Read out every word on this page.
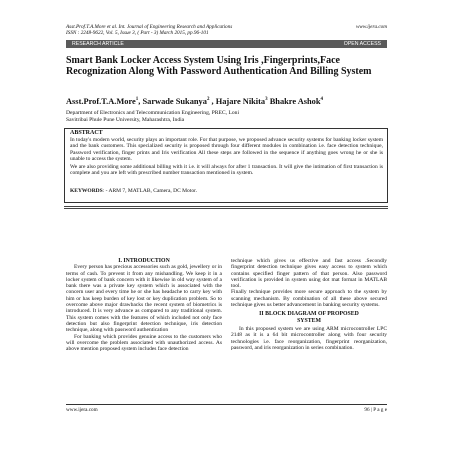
Asst.Prof.T.A.More et al. Int. Journal of Engineering Research and Applications	www.ijera.com
ISSN : 2248-9622, Vol. 5, Issue 3, ( Part - 3) March 2015, pp.96-101
RESEARCH ARTICLE	OPEN ACCESS
Smart Bank Locker Access System Using Iris ,Fingerprints,Face Recognization Along With Password Authentication And Billing System
Asst.Prof.T.A.More$^1$, Sarwade Sukanya$^2$ , Hajare Nikita$^3$ Bhakre Ashok$^4$
Department of Electronics and Telecommunication Engineering, PREC, Loni
Savitribai Phule Pune University, Maharashtra, India
ABSTRACT

In today's modern world, security plays an important role. For that purpose, we proposed advance security systems for banking locker system and the bank customers. This specialized security is proposed through four different modules in combination i.e. face detection technique, Password verification, finger prints and Iris verification All these steps are followed in the sequence if anything goes wrong he or she is unable to access the system.

We are also providing some additional billing with it i.e. it will always for after 1 transaction. It will give the intimation of first transaction is complete and you are left with prescribed number transaction mentioned in system.

KEYWORDS: - ARM 7, MATLAB, Camera, DC Motor.
I. INTRODUCTION

Every person has precious accessories such as gold, jewellery or in terms of cash. To prevent it from any mishandling. We keep it in a locker system of bank concern with it likewise in old way system of a bank there was a private key system which is associated with the concern user and every time he or she has headache to carry key with him or has keep burden of key lost or key duplication problem. So to overcome above major drawbacks the recent system of biometrics is introduced. It is very advance as compared to any traditional system. This system comes with the features of which included not only face detection but also fingerprint detection technique, iris detection technique, along with password authentication

For banking which provides genuine access to the customers who will overcome the problem associated with unauthorized access. As above mention proposed system includes face detection

technique which gives us effective and fast access .Secondly fingerprint detection technique gives easy access to system which contains specified finger pattern of that person. Also password verification is provided in system using dot mat format in MATLAB tool.

Finally technique provides more secure approach to the system by scanning mechanism. By combination of all these above secured technique gives us better advancement in banking security systems.

II BLOCK DIAGRAM OF PROPOSED
SYSTEM

In this proposed system we are using ARM microcontroller LPC 2148 as it is a 64 bit microcontroller along with four security technologies i.e. face reorganization, fingerprint reorganization, password, and iris reorganization in series combination.

www.ijera.com	96 | P a g e
